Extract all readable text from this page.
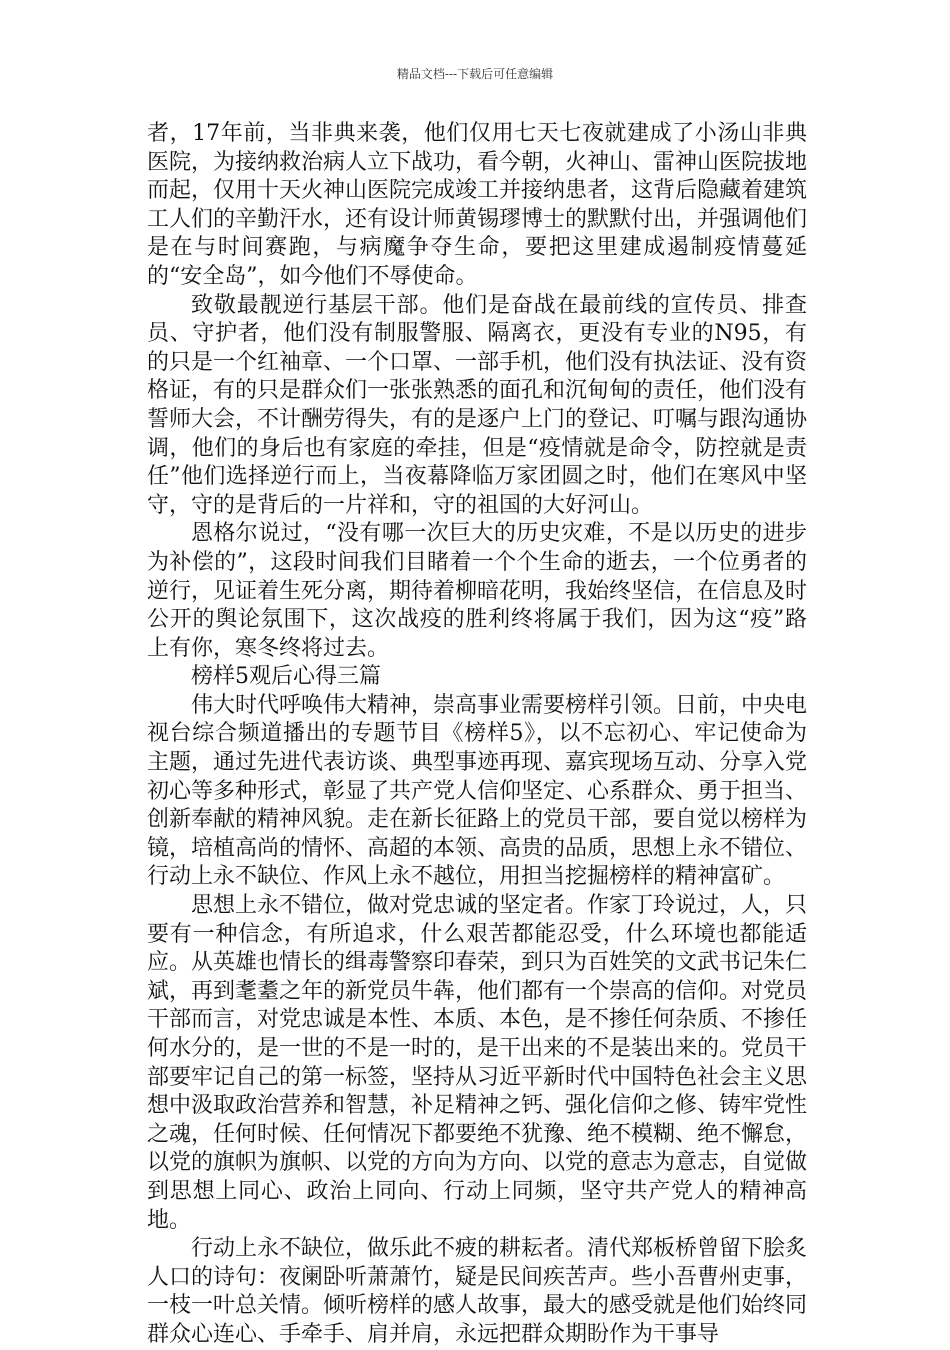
精品文档---下载后可任意编辑

者，17年前，当非典来袭，他们仅用七天七夜就建成了小汤山非典医院，为接纳救治病人立下战功，看今朝，火神山、雷神山医院拔地而起，仅用十天火神山医院完成竣工并接纳患者，这背后隐藏着建筑工人们的辛勤汗水，还有设计师黄锡璆博士的默默付出，并强调他们是在与时间赛跑，与病魔争夺生命，要把这里建成遏制疫情蔓延的“安全岛”，如今他们不辱使命。

致敬最靓逆行基层干部。他们是奋战在最前线的宣传员、排查员、守护者，他们没有制服警服、隔离衣，更没有专业的N95，有的只是一个红袖章、一个口罩、一部手机，他们没有执法证、没有资格证，有的只是群众们一张张熟悉的面孔和沉甸甸的责任，他们没有誓师大会，不计酬劳得失，有的是逐户上门的登记、叮嘱与跟沟通协调，他们的身后也有家庭的牵挂，但是“疫情就是命令，防控就是责任”他们选择逆行而上，当夜幕降临万家团圆之时，他们在寒风中坚守，守的是背后的一片祥和，守的祖国的大好河山。

恩格尔说过，“没有哪一次巨大的历史灾难，不是以历史的进步为补偿的”，这段时间我们目睹着一个个生命的逝去，一个位勇者的逆行，见证着生死分离，期待着柳暗花明，我始终坚信，在信息及时公开的舆论氛围下，这次战疫的胜利终将属于我们，因为这“疫”路上有你，寒冬终将过去。

榜样5观后心得三篇

伟大时代呼唤伟大精神，崇高事业需要榜样引领。日前，中央电视台综合频道播出的专题节目《榜样5》，以不忘初心、牢记使命为主题，通过先进代表访谈、典型事迹再现、嘉宾现场互动、分享入党初心等多种形式，彰显了共产党人信仰坚定、心系群众、勇于担当、创新奉献的精神风貌。走在新长征路上的党员干部，要自觉以榜样为镜，培植高尚的情怀、高超的本领、高贵的品质，思想上永不错位、行动上永不缺位、作风上永不越位，用担当挖掘榜样的精神富矿。

思想上永不错位，做对党忠诚的坚定者。作家丁玲说过，人，只要有一种信念，有所追求，什么艰苦都能忍受，什么环境也都能适应。从英雄也情长的缉毒警察印春荣，到只为百姓笑的文武书记朱仁斌，再到耄耋之年的新党员牛犇，他们都有一个崇高的信仰。对党员干部而言，对党忠诚是本性、本质、本色，是不掺任何杂质、不掺任何水分的，是一世的不是一时的，是干出来的不是装出来的。党员干部要牢记自己的第一标签，坚持从习近平新时代中国特色社会主义思想中汲取政治营养和智慧，补足精神之钙、强化信仰之修、铸牢党性之魂，任何时候、任何情况下都要绝不犹豫、绝不模糊、绝不懈怠，以党的旗帜为旗帜、以党的方向为方向、以党的意志为意志，自觉做到思想上同心、政治上同向、行动上同频，坚守共产党人的精神高地。

行动上永不缺位，做乐此不疲的耕耘者。清代郑板桥曾留下脍炙人口的诗句：夜阑卧听萧萧竹，疑是民间疾苦声。些小吾曹州吏事，一枝一叶总关情。倾听榜样的感人故事，最大的感受就是他们始终同群众心连心、手牵手、肩并肩，永远把群众期盼作为干事导
